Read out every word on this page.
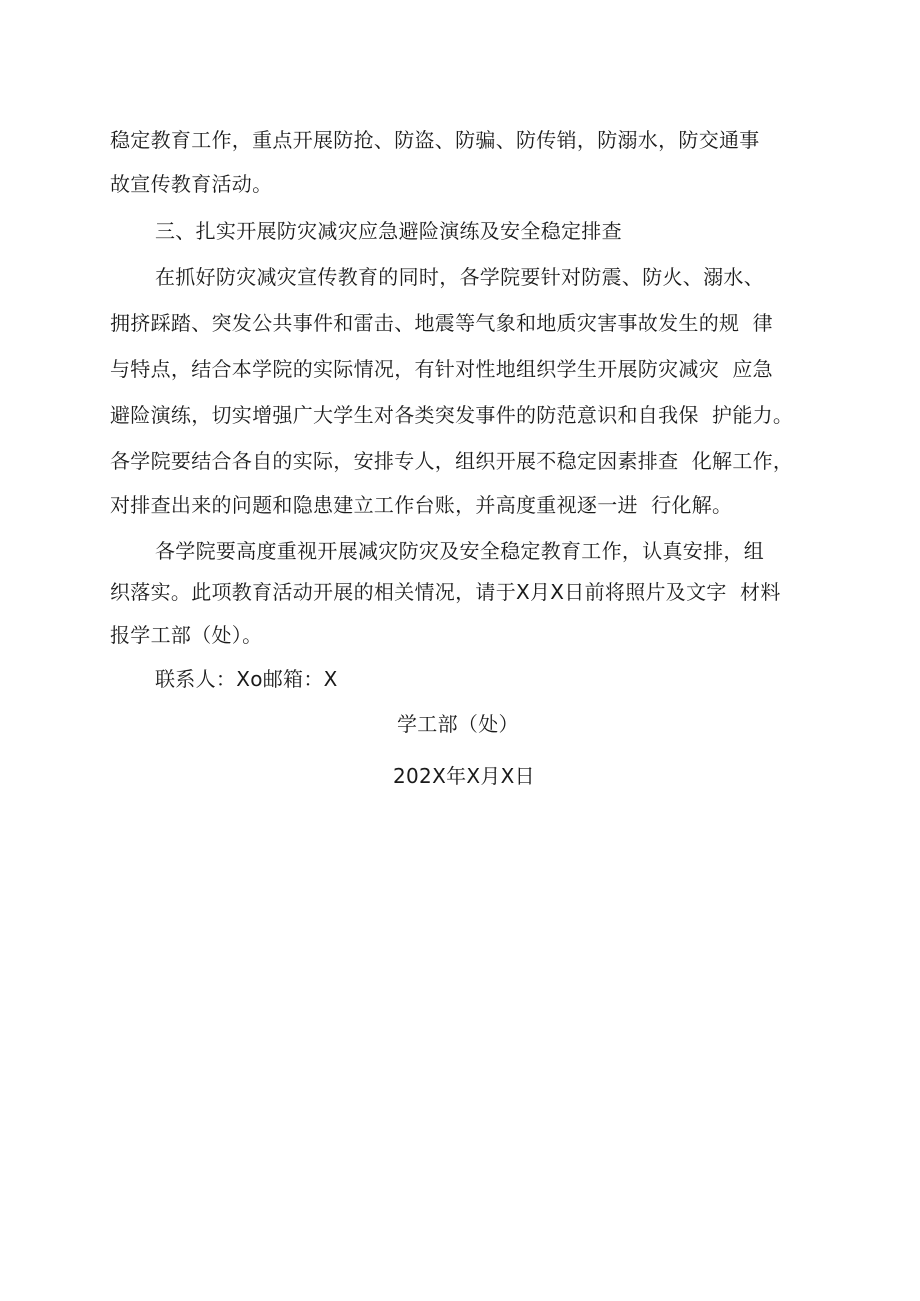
稳定教育工作，重点开展防抢、防盗、防骗、防传销，防溺水，防交通事
故宣传教育活动。
三、扎实开展防灾减灾应急避险演练及安全稳定排查
在抓好防灾减灾宣传教育的同时，各学院要针对防震、防火、溺水、
拥挤踩踏、突发公共事件和雷击、地震等气象和地质灾害事故发生的规  律
与特点，结合本学院的实际情况，有针对性地组织学生开展防灾减灾  应急
避险演练，切实增强广大学生对各类突发事件的防范意识和自我保  护能力。
各学院要结合各自的实际，安排专人，组织开展不稳定因素排查  化解工作，
对排查出来的问题和隐患建立工作台账，并高度重视逐一进  行化解。
各学院要高度重视开展减灾防灾及安全稳定教育工作，认真安排，组
织落实。此项教育活动开展的相关情况，请于X月X日前将照片及文字  材料
报学工部（处）。
联系人：Xo邮箱：X
学工部（处）
202X年X月X日
